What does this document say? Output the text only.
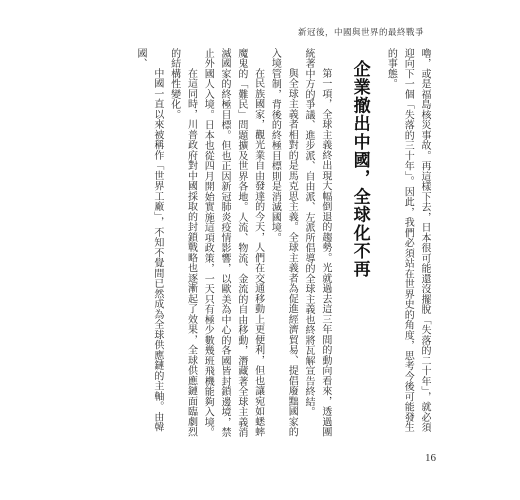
新冠後，中國與世界的最終戰爭

嚕，或是福島核災事故。再這樣下去，日本很可能還沒擺脫「失落的二十年」，就必須迎向下一個「失落的三十年」。因此，我們必須站在世界史的角度，思考今後可能發生的事態。

企業撤出中國，全球化不再

第一項，全球主義終出現大幅倒退的趨勢。光就過去這三年間的動向看來，透過團統著中方的爭議、進步派、自由派、左派所倡導的全球主義也終將瓦解宣告終結。

與全球主義者相對的是馬克思主義。全球主義者為促進經濟貿易、提倡廢黜國家的入境管制，背後的終極目標則是消滅國境。

在民族國家，觀光業自由發達的今天，人們在交通移動上更便利，但也讓宛如蟋蟀魔鬼的「難民」問題擴及世界各地。人流、物流、金流的自由移動，潛藏著全球主義消滅國家的終極目標。但也正因新冠肺炎疫情影響，以歐美為中心的各國皆封鎖邊境，禁止外國人入境。日本也從四月開始實施這項政策，一天只有極少數幾班飛機能夠入境。

在這同時，川普政府對中國採取的封鎖戰略也逐漸起了效果，全球供應鏈面臨劇烈的結構性變化。

中國一直以來被稱作「世界工廠」，不知不覺間已然成為全球供應鏈的主軸。由韓國、

16
